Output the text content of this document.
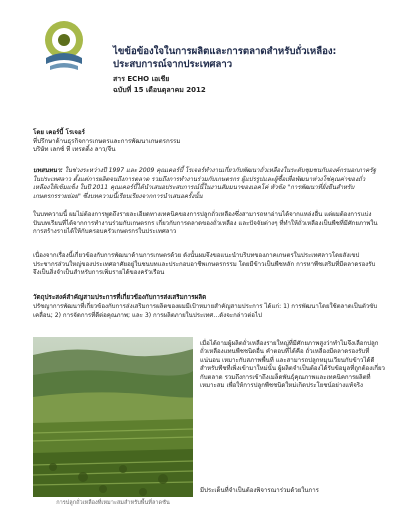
ไขข้อข้องใจในการผลิตและการตลาดสำหรับถั่วเหลือง: ประสบการณ์จากประเทศลาว
สาร ECHO เอเชีย
ฉบับที่ 15 เดือนตุลาคม 2012
โดย เคอร์บี้ โรเจอร์
ที่ปรึกษาด้านธุรกิจการเกษตรและการพัฒนาเกษตรกรรม
บริษัท เลกซ์ ที เทรดดิ้ง ลาว/จีน
บทสนทนา: ในช่วงระหว่างปี 1997 และ 2009 คุณเคอร์บี้ โรเจอร์ทำงานเกี่ยวกับพัฒนาถั่วเหลืองในระดับชุมชนกับองค์กรนอกภาครัฐในประเทศลาว ตั้งแต่การผลิตจนถึงการตลาด รวมถึงการทำงานร่วมกับเกษตรกร ผู้แปรรูปและผู้ซื้อเพื่อพัฒนาห่วงโซ่คุณค่าของถั่วเหลืองให้เข้มแข็ง ในปี 2011 คุณเคอร์บี้ได้นำเสนอประสบการณ์นี้ในงานสัมมนาของเอคโค่ หัวข้อ "การพัฒนาที่ยั่งยืนสำหรับเกษตรกรรายย่อย" ซึ่งบทความนี้เรียบเรียงจากการนำเสนอครั้งนั้น
ในบทความนี้ ผมไม่ต้องการพูดถึงรายละเอียดทางเทคนิคของการปลูกถั่วเหลืองซึ่งสามารถหาอ่านได้จากแหล่งอื่น แต่ผมต้องการแบ่งปันบทเรียนที่ได้จากการทำงานร่วมกับเกษตรกร เกี่ยวกับการตลาดของถั่วเหลือง และปัจจัยต่างๆ ที่ทำให้ถั่วเหลืองเป็นพืชที่มีศักยภาพในการสร้างรายได้ให้กับครอบครัวเกษตรกรในประเทศลาว
เนื่องจากเรื่องนี้เกี่ยวข้องกับการพัฒนาด้านการเกษตรด้วย ดังนั้นผมจึงขอแนะนำบริบทของภาคเกษตรในประเทศลาวโดยสังเขป ประชากรส่วนใหญ่ของประเทศอาศัยอยู่ในชนบทและประกอบอาชีพเกษตรกรรม โดยมีข้าวเป็นพืชหลัก การหาพืชเสริมที่มีตลาดรองรับจึงเป็นสิ่งจำเป็นสำหรับการเพิ่มรายได้ของครัวเรือน
วัตถุประสงค์สำคัญสามประการที่เกี่ยวข้องกับการส่งเสริมการผลิต
ปรัชญาการพัฒนาที่เกี่ยวข้องกับการส่งเสริมการผลิตของผมมีเป้าหมายสำคัญสามประการ ได้แก่: 1) การพัฒนาโดยใช้ตลาดเป็นตัวขับเคลื่อน; 2) การจัดการที่ดีต่อคุณภาพ; และ 3) การผลิตภายในประเทศ…ดังจะกล่าวต่อไป
การปลูกถั่วเหลืองที่เหมาะสมสำหรับพื้นที่ลาดชัน
เมื่อได้ถามผู้ผลิตถั่วเหลืองรายใหญ่ที่มีศักยภาพสูงว่าทำไมจึงเลือกปลูกถั่วเหลืองแทนพืชชนิดอื่น คำตอบที่ได้คือ ถั่วเหลืองมีตลาดรองรับที่แน่นอน เหมาะกับสภาพพื้นที่ และสามารถปลูกหมุนเวียนกับข้าวได้ดี สำหรับพืชที่เพิ่งเข้ามาใหม่นั้น ผู้ผลิตจำเป็นต้องได้รับข้อมูลที่ถูกต้องเกี่ยวกับตลาด รวมถึงการเข้าถึงเมล็ดพันธุ์คุณภาพและเทคนิคการผลิตที่เหมาะสม เพื่อให้การปลูกพืชชนิดใหม่เกิดประโยชน์อย่างแท้จริง
มีประเด็นที่จำเป็นต้องพิจารณาร่วมด้วยในการ
